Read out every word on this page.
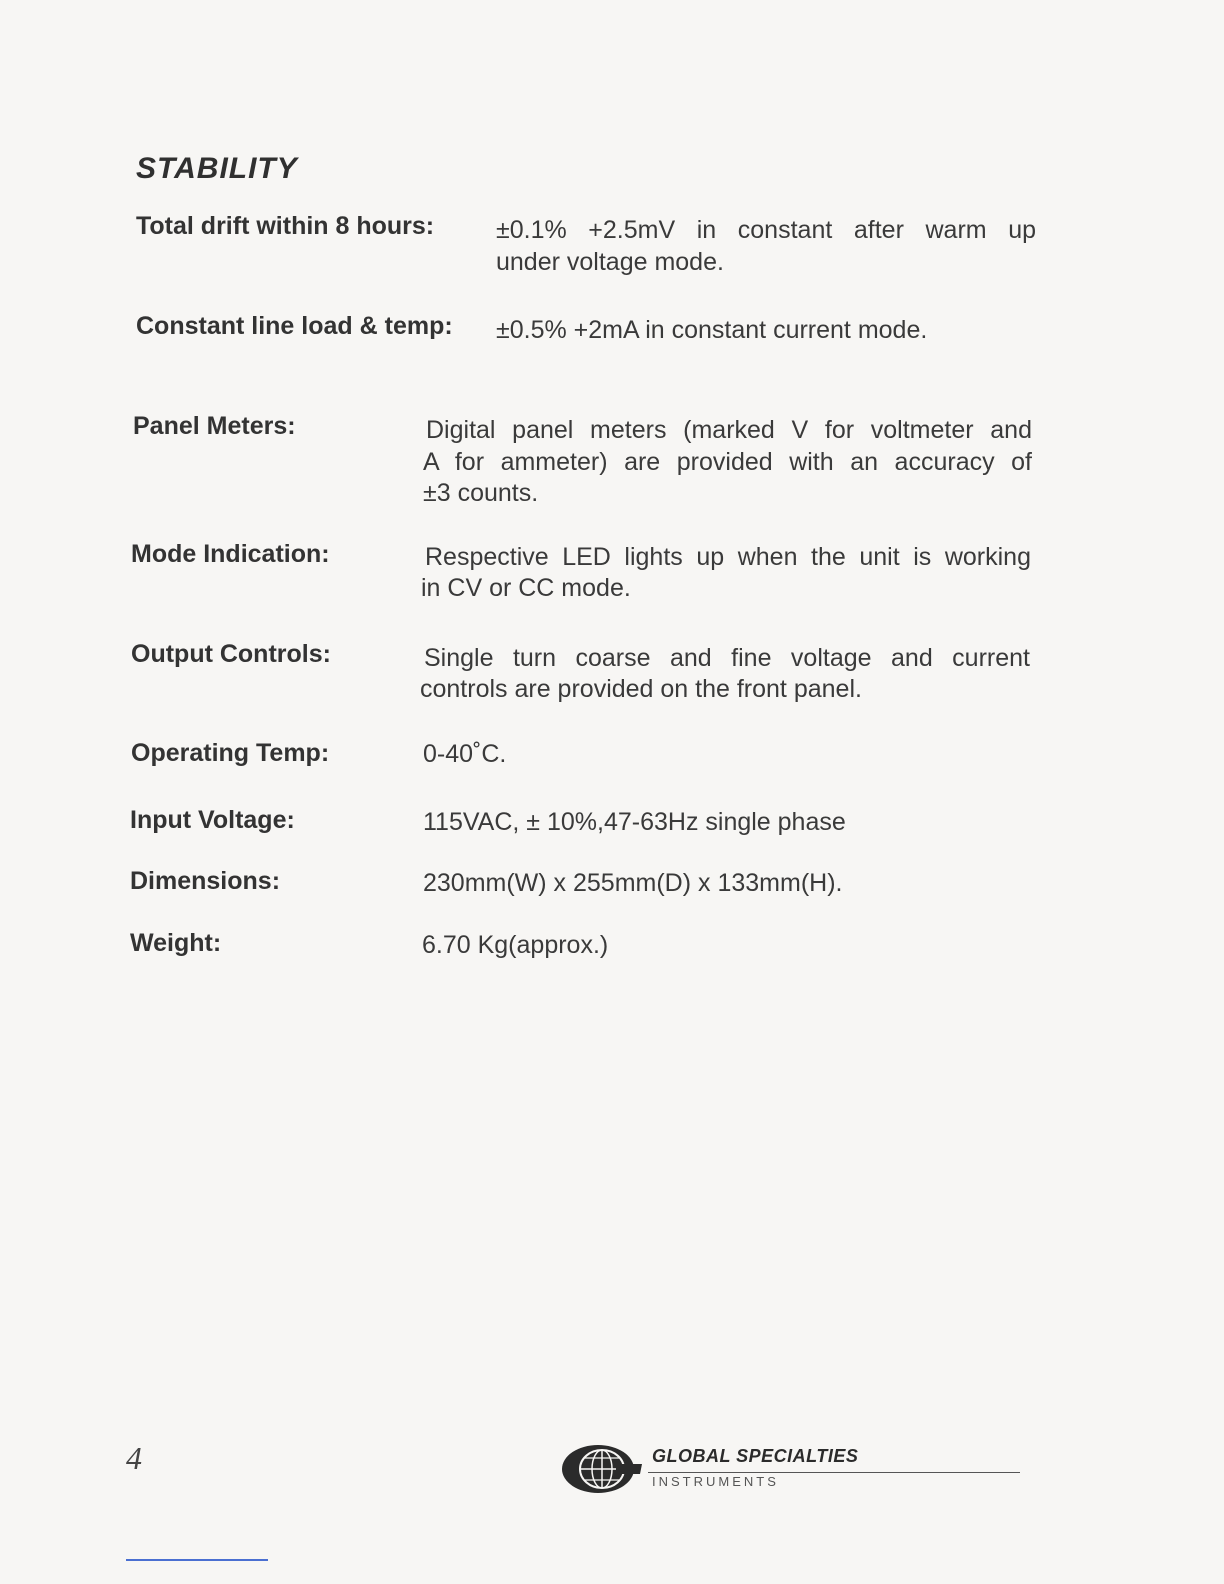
STABILITY
Total drift within 8 hours: ±0.1% +2.5mV in constant after warm up
under voltage mode.
Constant line load & temp: ±0.5% +2mA in constant current mode.
Panel Meters:	Digital panel meters (marked V for voltmeter and
A for ammeter) are provided with an accuracy of
±3 counts.
Mode Indication:	Respective LED lights up when the unit is working
in CV or CC mode.
Output Controls:	Single turn coarse and fine voltage and current
controls are provided on the front panel.
Operating Temp:	0-40˚C.
Input Voltage:	115VAC, ± 10%,47-63Hz single phase
Dimensions:	230mm(W) x 255mm(D) x 133mm(H).
Weight:	6.70 Kg(approx.)
4	GLOBAL SPECIALTIES
INSTRUMENTS
